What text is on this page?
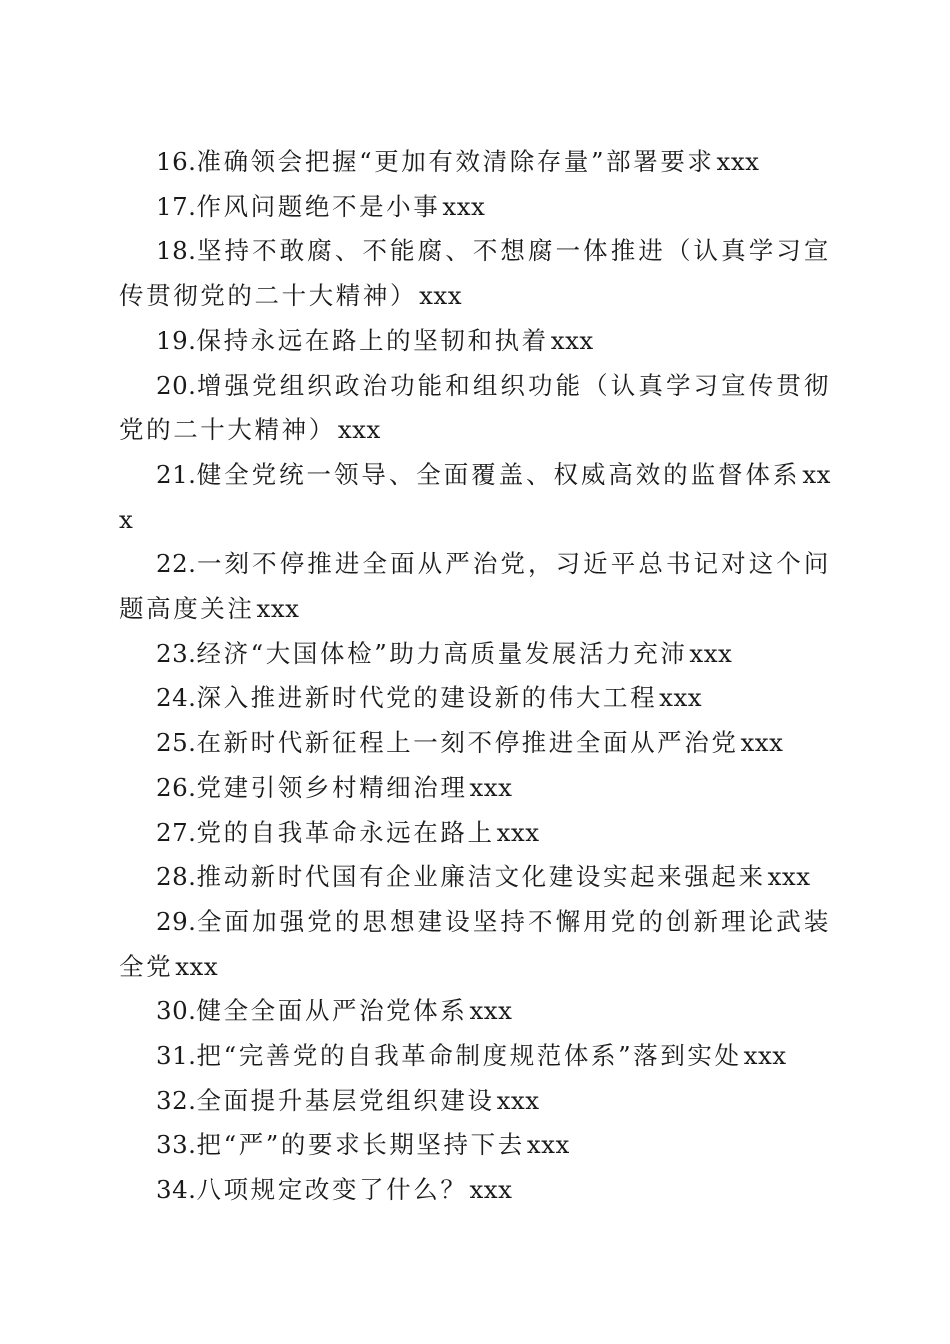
16.准确领会把握“更加有效清除存量”部署要求xxx

17.作风问题绝不是小事xxx

18.坚持不敢腐、不能腐、不想腐一体推进（认真学习宣传贯彻党的二十大精神）xxx

19.保持永远在路上的坚韧和执着xxx

20.增强党组织政治功能和组织功能（认真学习宣传贯彻党的二十大精神）xxx

21.健全党统一领导、全面覆盖、权威高效的监督体系xxx

22.一刻不停推进全面从严治党，习近平总书记对这个问题高度关注xxx

23.经济“大国体检”助力高质量发展活力充沛xxx

24.深入推进新时代党的建设新的伟大工程xxx

25.在新时代新征程上一刻不停推进全面从严治党xxx

26.党建引领乡村精细治理xxx

27.党的自我革命永远在路上xxx

28.推动新时代国有企业廉洁文化建设实起来强起来xxx

29.全面加强党的思想建设坚持不懈用党的创新理论武装全党xxx

30.健全全面从严治党体系xxx

31.把“完善党的自我革命制度规范体系”落到实处xxx

32.全面提升基层党组织建设xxx

33.把“严”的要求长期坚持下去xxx

34.八项规定改变了什么？xxx
